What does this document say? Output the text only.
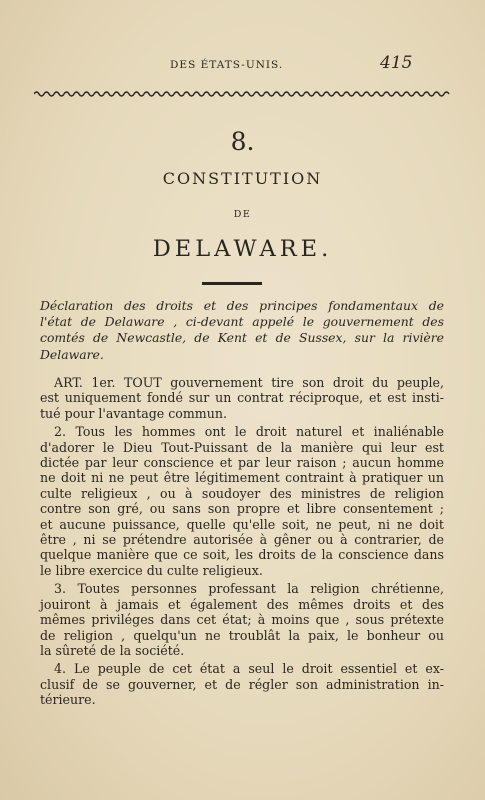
DES ÉTATS-UNIS.	415
8.
CONSTITUTION
DE
DELAWARE.
Déclaration des droits et des principes fondamentaux de
l'état de Delaware , ci-devant appelé le gouvernement des
comtés de Newcastle, de Kent et de Sussex, sur la rivière
Delaware.
ART. 1er. TOUT gouvernement tire son droit du peuple,
est uniquement fondé sur un contrat réciproque, et est insti-
tué pour l'avantage commun.
2. Tous les hommes ont le droit naturel et inaliénable
d'adorer le Dieu Tout-Puissant de la manière qui leur est
dictée par leur conscience et par leur raison ; aucun homme
ne doit ni ne peut être légitimement contraint à pratiquer un
culte religieux , ou à soudoyer des ministres de religion
contre son gré, ou sans son propre et libre consentement ;
et aucune puissance, quelle qu'elle soit, ne peut, ni ne doit
être , ni se prétendre autorisée à gêner ou à contrarier, de
quelque manière que ce soit, les droits de la conscience dans
le libre exercice du culte religieux.
3. Toutes personnes professant la religion chrétienne,
jouiront à jamais et également des mêmes droits et des
mêmes priviléges dans cet état; à moins que , sous prétexte
de religion , quelqu'un ne troublât la paix, le bonheur ou
la sûreté de la société.
4. Le peuple de cet état a seul le droit essentiel et ex-
clusif de se gouverner, et de régler son administration in-
térieure.
